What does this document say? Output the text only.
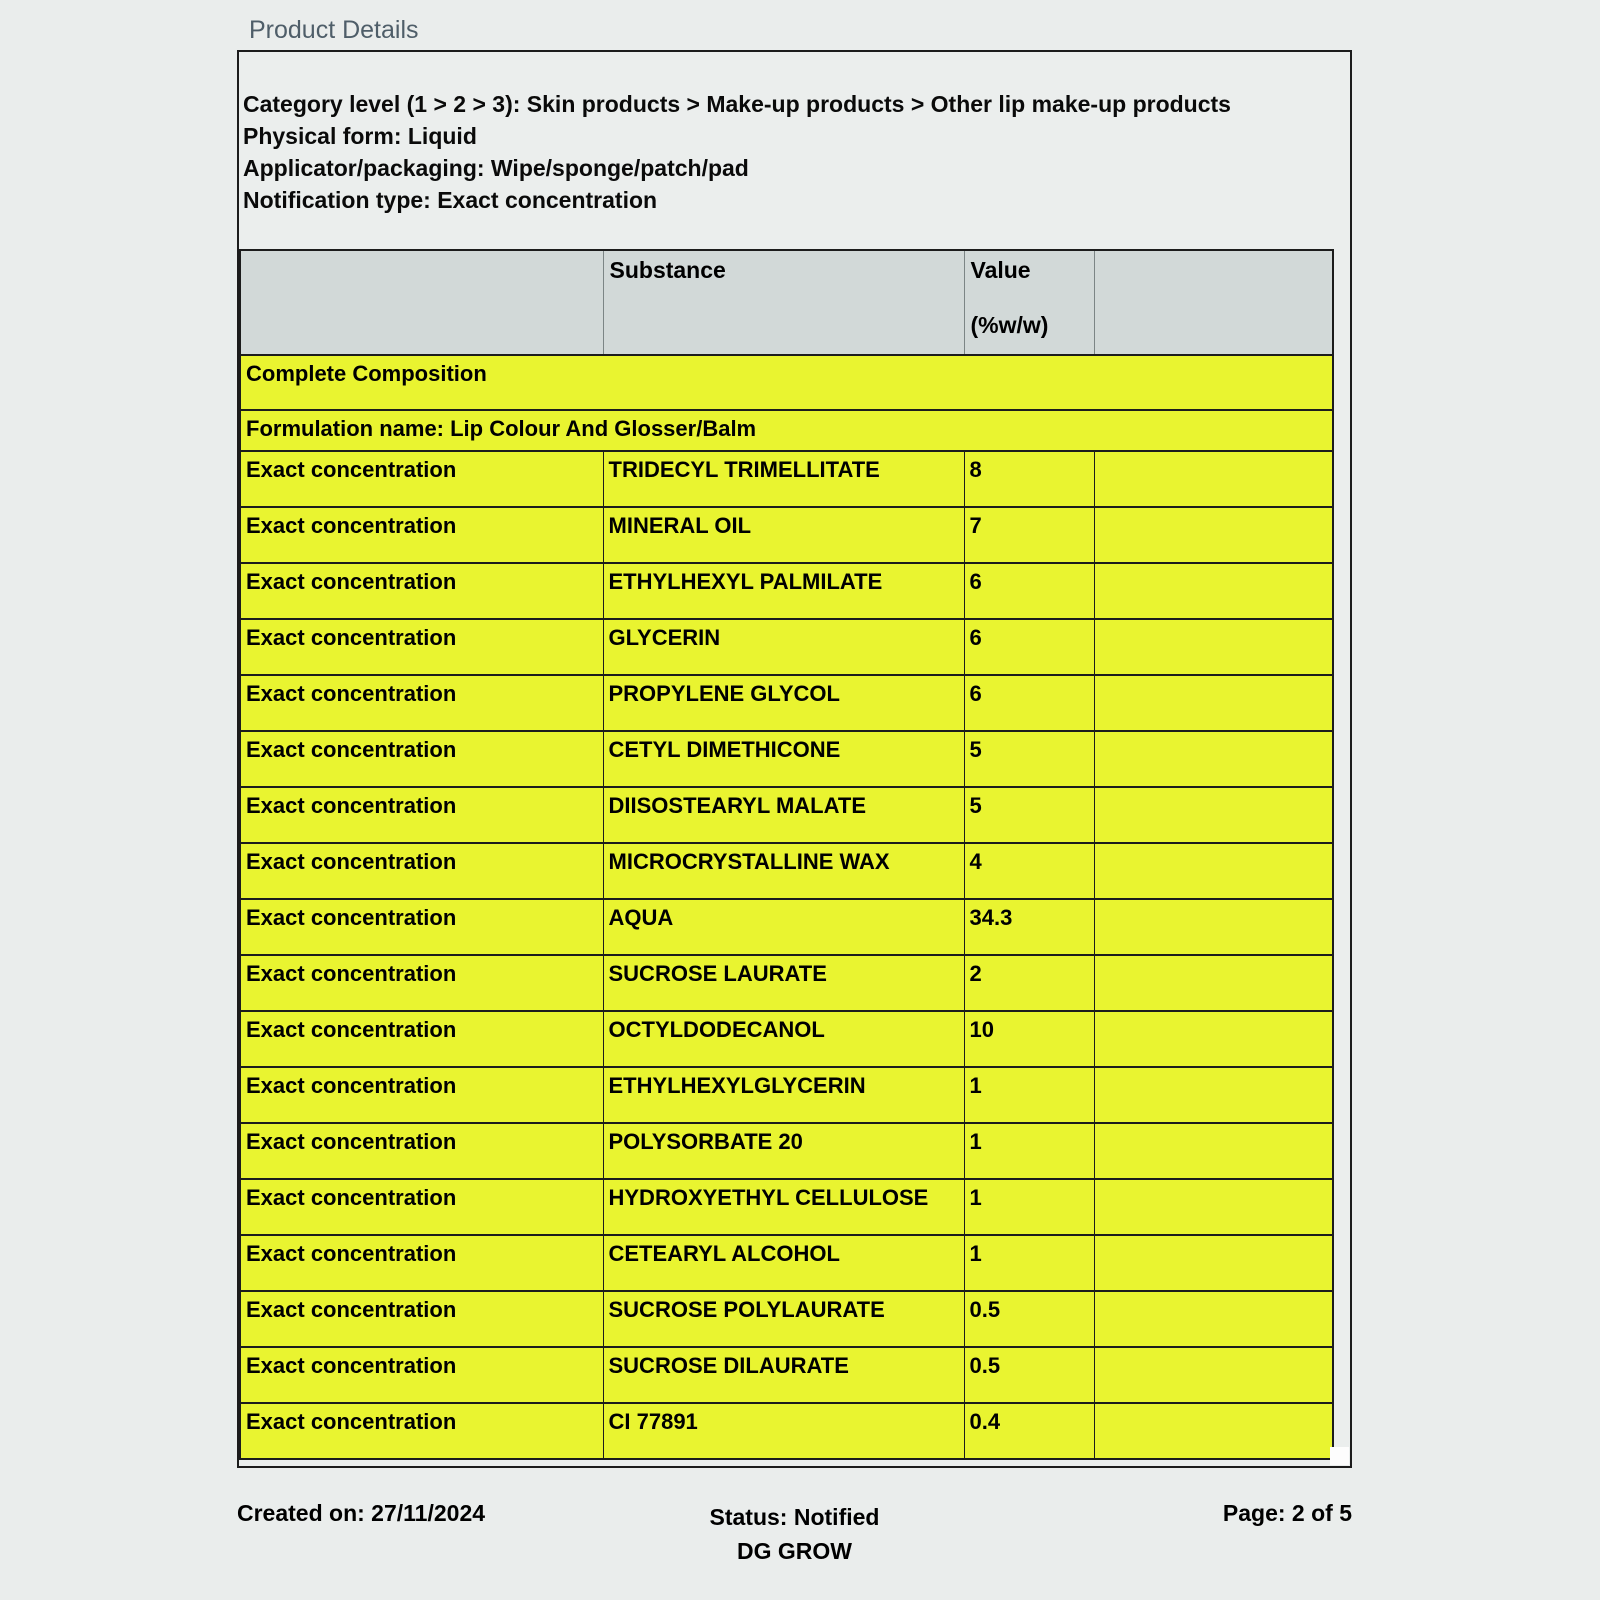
Product Details
Category level (1 > 2 > 3): Skin products > Make-up products > Other lip make-up products
Physical form: Liquid
Applicator/packaging: Wipe/sponge/patch/pad
Notification type: Exact concentration
	Substance	Value
(%w/w)	

Complete Composition			
Formulation name: Lip Colour And Glosser/Balm			
Exact concentration	TRIDECYL TRIMELLITATE	8	
Exact concentration	MINERAL OIL	7	
Exact concentration	ETHYLHEXYL PALMILATE	6	
Exact concentration	GLYCERIN	6	
Exact concentration	PROPYLENE GLYCOL	6	
Exact concentration	CETYL DIMETHICONE	5	
Exact concentration	DIISOSTEARYL MALATE	5	
Exact concentration	MICROCRYSTALLINE WAX	4	
Exact concentration	AQUA	34.3	
Exact concentration	SUCROSE LAURATE	2	
Exact concentration	OCTYLDODECANOL	10	
Exact concentration	ETHYLHEXYLGLYCERIN	1	
Exact concentration	POLYSORBATE 20	1	
Exact concentration	HYDROXYETHYL CELLULOSE	1	
Exact concentration	CETEARYL ALCOHOL	1	
Exact concentration	SUCROSE POLYLAURATE	0.5	
Exact concentration	SUCROSE DILAURATE	0.5	
Exact concentration	CI 77891	0.4	
Created on: 27/11/2024	Status: Notified
DG GROW
Page: 2 of 5
